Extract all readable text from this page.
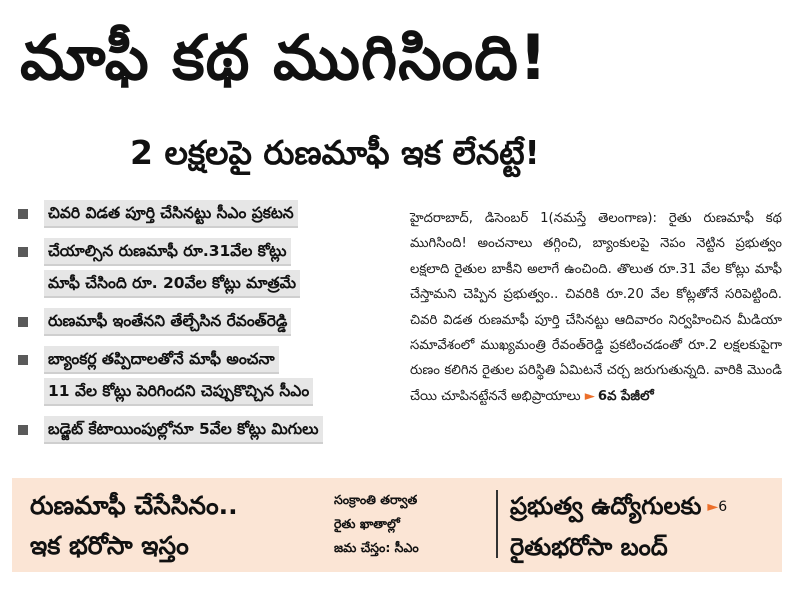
మాఫీ కథ ముగిసింది!
2 లక్షలపై రుణమాఫీ ఇక లేనట్టే!
చివరి విడత పూర్తి చేసినట్టు సీఎం ప్రకటన
చేయాల్సిన రుణమాఫీ రూ.31వేల కోట్లు
మాఫీ చేసింది రూ. 20వేల కోట్లు మాత్రమే
రుణమాఫీ ఇంతేనని తేల్చేసిన రేవంత్‌రెడ్డి
బ్యాంకర్ల తప్పిదాలతోనే మాఫీ అంచనా
11 వేల కోట్లు పెరిగిందని చెప్పుకొచ్చిన సీఎం
బడ్జెట్ కేటాయింపుల్లోనూ 5వేల కోట్లు మిగులు
హైదరాబాద్, డిసెంబర్ 1(నమస్తే తెలంగాణ): రైతు రుణమాఫీ కథ ముగిసింది! అంచనాలు తగ్గించి, బ్యాంకులపై నెపం నెట్టిన ప్రభుత్వం లక్షలాది రైతుల బాకీని అలాగే ఉంచింది. తొలుత రూ.31 వేల కోట్లు మాఫీ చేస్తామని చెప్పిన ప్రభుత్వం.. చివరికి రూ.20 వేల కోట్లతోనే సరిపెట్టింది. చివరి విడత రుణమాఫీ పూర్తి చేసినట్టు ఆదివారం నిర్వహించిన మీడియా సమావేశంలో ముఖ్యమంత్రి రేవంత్‌రెడ్డి ప్రకటించడంతో రూ.2 లక్షలకుపైగా రుణం కలిగిన రైతుల పరిస్థితి ఏమిటనే చర్చ జరుగుతున్నది. వారికి మొండి చేయి చూపినట్టేననే అభిప్రాయాలు ► 6వ పేజీలో
రుణమాఫీ చేసేసినం..
ఇక భరోసా ఇస్తం
సంక్రాంతి తర్వాత
రైతు ఖాతాల్లో
జమ చేస్తం: సీఎం
ప్రభుత్వ ఉద్యోగులకు ►6
రైతుభరోసా బంద్
